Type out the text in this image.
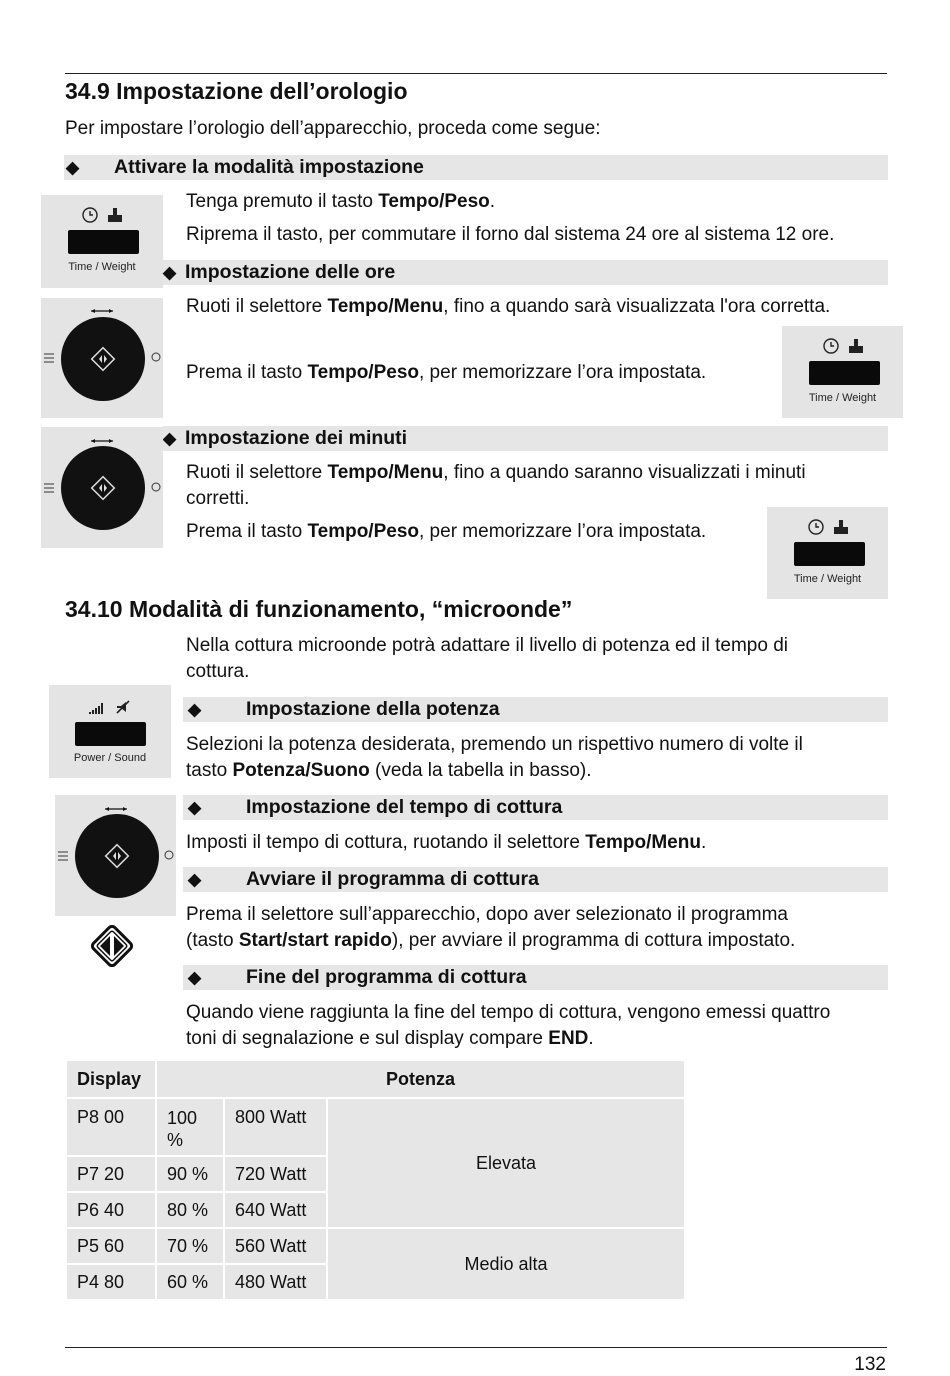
34.9 Impostazione dell’orologio
Per impostare l’orologio dell’apparecchio, proceda come segue:
◆ Attivare la modalità impostazione
Time / Weight
Tenga premuto il tasto Tempo/Peso.
Riprema il tasto, per commutare il forno dal sistema 24 ore al sistema 12 ore.
◆ Impostazione delle ore
Ruoti il selettore Tempo/Menu, fino a quando sarà visualizzata l'ora corretta.
Prema il tasto Tempo/Peso, per memorizzare l’ora impostata.
Time / Weight
◆ Impostazione dei minuti
Ruoti il selettore Tempo/Menu, fino a quando saranno visualizzati i minuti
corretti.
Prema il tasto Tempo/Peso, per memorizzare l’ora impostata.
Time / Weight
34.10 Modalità di funzionamento, “microonde”
Nella cottura microonde potrà adattare il livello di potenza ed il tempo di
cottura.
Power / Sound
◆ Impostazione della potenza
Selezioni la potenza desiderata, premendo un rispettivo numero di volte il
tasto Potenza/Suono (veda la tabella in basso).
◆ Impostazione del tempo di cottura
Imposti il tempo di cottura, ruotando il selettore Tempo/Menu.
◆ Avviare il programma di cottura
Prema il selettore sull’apparecchio, dopo aver selezionato il programma
(tasto Start/start rapido), per avviare il programma di cottura impostato.
◆ Fine del programma di cottura
Quando viene raggiunta la fine del tempo di cottura, vengono emessi quattro
toni di segnalazione e sul display compare END.
Display	Potenza		
P8 00	100 %	800 Watt	Elevata
P7 20	90 %	720 Watt	
P6 40	80 %	640 Watt	
P5 60	70 %	560 Watt	Medio alta
P4 80	60 %	480 Watt	
132
